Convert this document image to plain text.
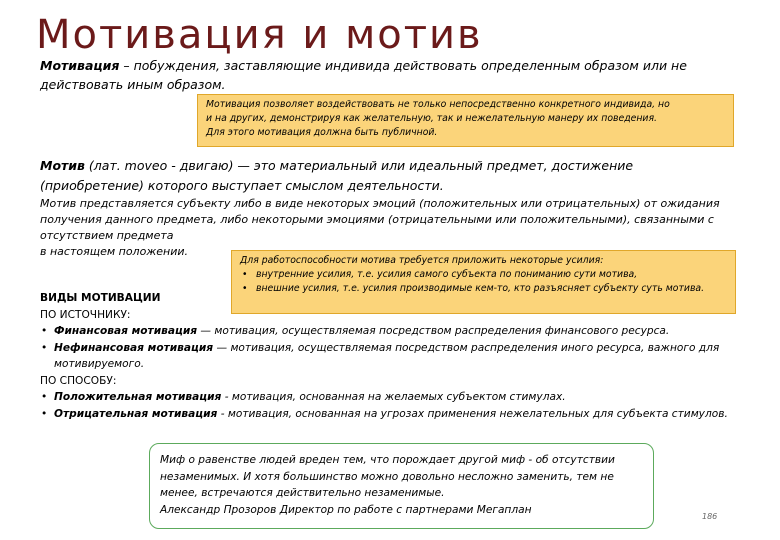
Мотивация и мотив
Мотивация – побуждения, заставляющие индивида действовать определенным образом или не действовать иным образом.
Мотивация позволяет воздействовать не только непосредственно конкретного индивида, но
и на других, демонстрируя как желательную, так и нежелательную манеру их поведения.
Для этого мотивация должна быть публичной.
Мотив (лат. moveo - двигаю) — это материальный или идеальный предмет, достижение (приобретение) которого выступает смыслом деятельности.
Мотив представляется субъекту либо в виде некоторых эмоций (положительных или отрицательных) от ожидания получения данного предмета, либо некоторыми эмоциями (отрицательными или положительными), связанными с отсутствием предмета
в настоящем положении.
Для работоспособности мотива требуется приложить некоторые усилия:
• внутренние усилия, т.е. усилия самого субъекта по пониманию сути мотива,
• внешние усилия, т.е. усилия производимые кем-то, кто разъясняет субъекту суть мотива.
ВИДЫ МОТИВАЦИИ
ПО ИСТОЧНИКУ:
• Финансовая мотивация — мотивация, осуществляемая посредством распределения финансового ресурса.
• Нефинансовая мотивация — мотивация, осуществляемая посредством распределения иного ресурса, важного для мотивируемого.
ПО СПОСОБУ:
• Положительная мотивация - мотивация, основанная на желаемых субъектом стимулах.
• Отрицательная мотивация - мотивация, основанная на угрозах применения нежелательных для субъекта стимулов.
Миф о равенстве людей вреден тем, что порождает другой миф - об отсутствии незаменимых. И хотя большинство можно довольно несложно заменить, тем не менее, встречаются действительно незаменимые.
Александр Прозоров Директор по работе с партнерами Мегаплан
186
